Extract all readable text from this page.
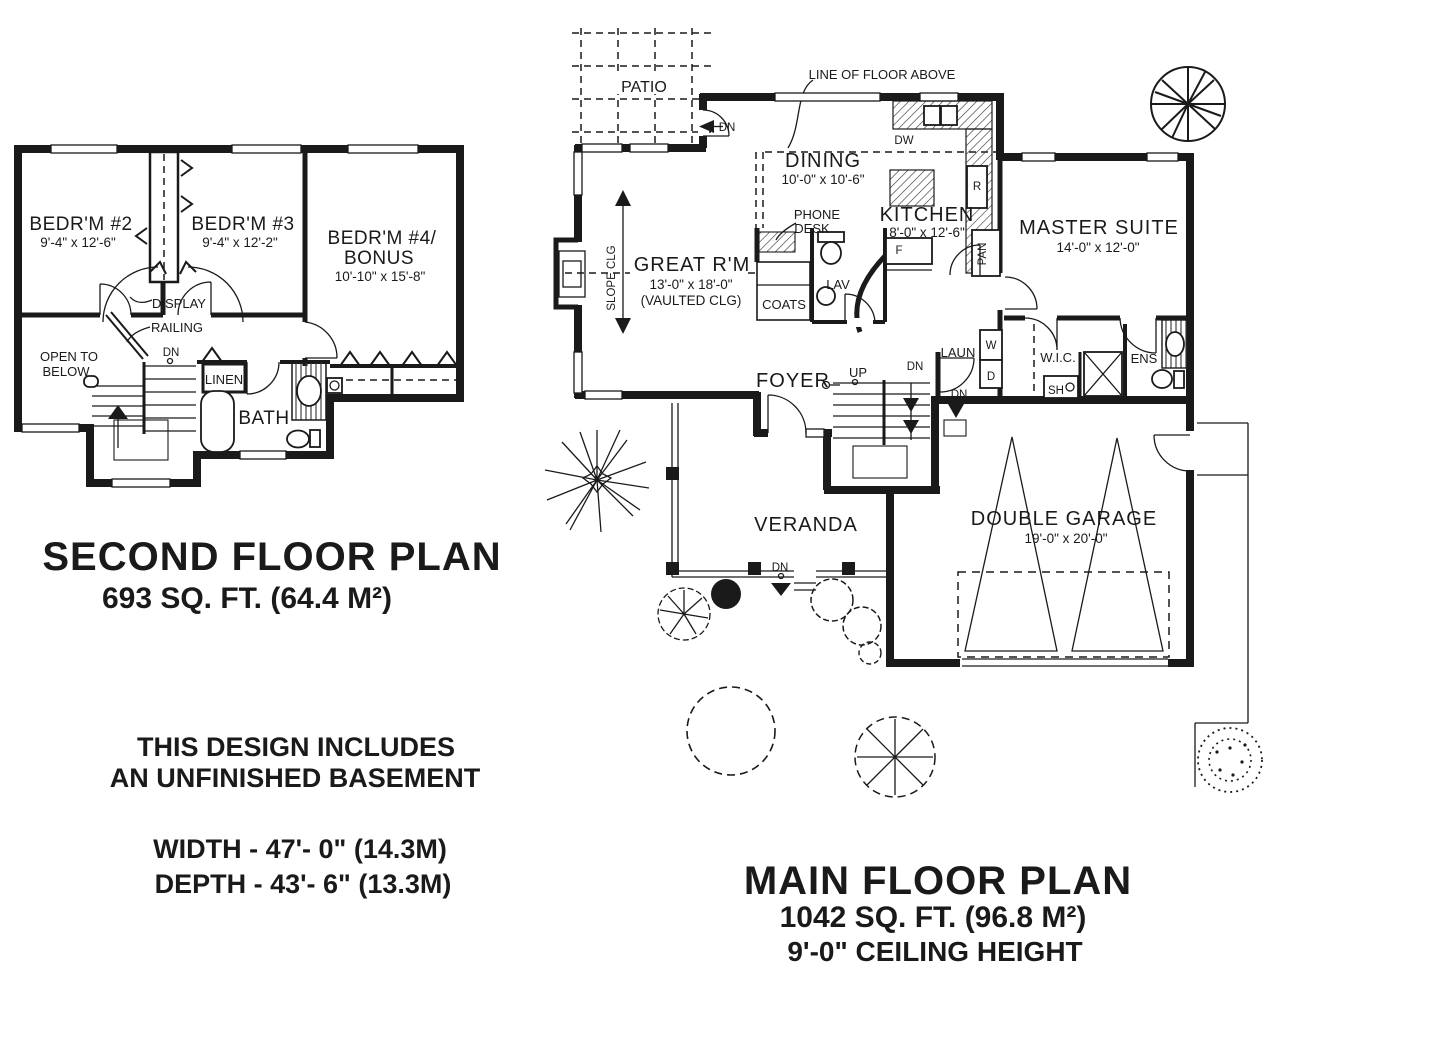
BEDR'M #2
9'-4" x 12'-6"
BEDR'M #3
9'-4" x 12'-2"	BEDR'M #4/
BONUS
10'-10" x 15'-8"
DISPLAY
RAILING
OPEN TO
BELOW
DN
LINEN
BATH
PATIO
LINE OF FLOOR ABOVE
DN
DINING
10'-0" x 10'-6"
DW
KITCHEN
8'-0" x 12'-6"
R
F	PAN
PHONE
DESK
GREAT R'M
13'-0" x 18'-0"
(VAULTED CLG)
SLOPE CLG	COATS
LAV
FOYER UP	DN
LAUN W
D
DN
MASTER SUITE
14'-0" x 12'-0"
W.I.C.
SH
ENS
VERANDA
DN
DOUBLE GARAGE
19'-0" x 20'-0"
SECOND FLOOR PLAN
693 SQ. FT. (64.4 M²)
THIS DESIGN INCLUDES
AN UNFINISHED BASEMENT
WIDTH - 47'- 0" (14.3M)
DEPTH - 43'- 6" (13.3M)	MAIN FLOOR PLAN
1042 SQ. FT. (96.8 M²)
9'-0" CEILING HEIGHT
